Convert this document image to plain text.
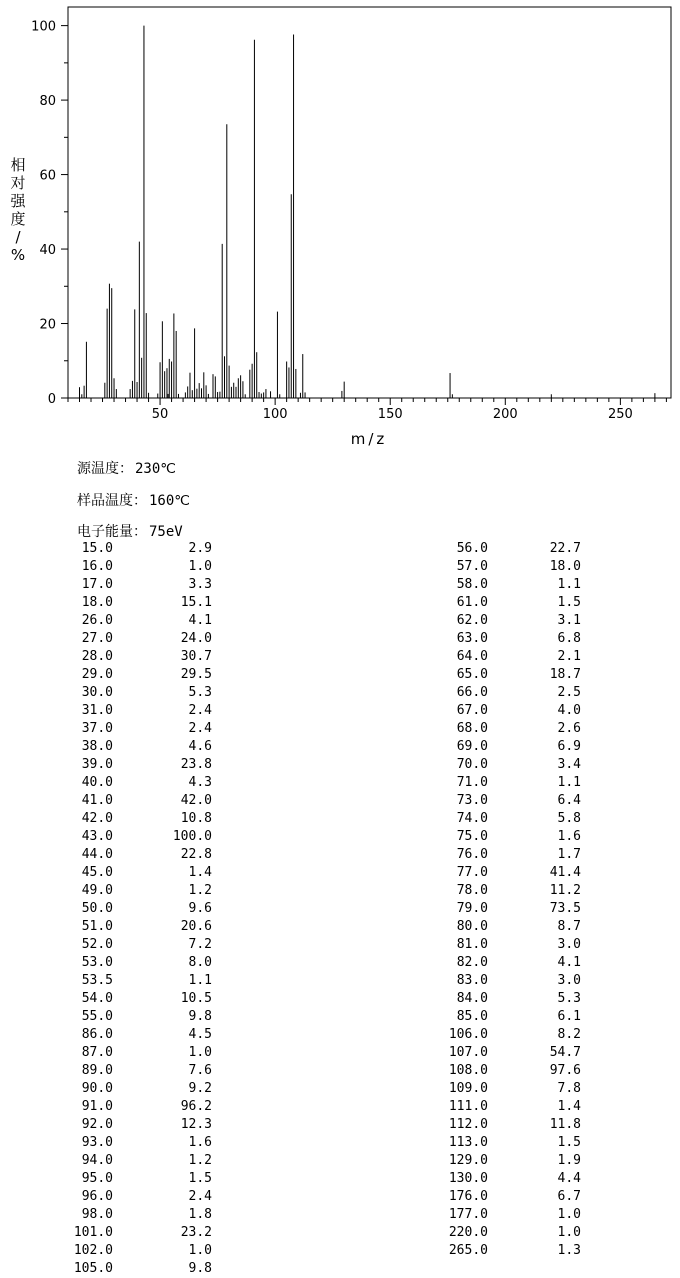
50	100	150	200	250
0
20
40
60
80
100
m/z
相对强度/ %
源温度： 230℃
样品温度： 160℃
电子能量： 75eV
15.0	2.9
16.0	1.0
17.0	3.3
18.0	15.1
26.0	4.1
27.0	24.0
28.0	30.7
29.0	29.5
30.0	5.3
31.0	2.4
37.0	2.4
38.0	4.6
39.0	23.8
40.0	4.3
41.0	42.0
42.0	10.8
43.0	100.0
44.0	22.8
45.0	1.4
49.0	1.2
50.0	9.6
51.0	20.6
52.0	7.2
53.0	8.0
53.5	1.1
54.0	10.5
55.0	9.8
86.0	4.5
87.0	1.0
89.0	7.6
90.0	9.2
91.0	96.2
92.0	12.3
93.0	1.6
94.0	1.2
95.0	1.5
96.0	2.4
98.0	1.8
101.0	23.2
102.0	1.0
105.0	9.8
56.0	22.7
57.0	18.0
58.0	1.1
61.0	1.5
62.0	3.1
63.0	6.8
64.0	2.1
65.0	18.7
66.0	2.5
67.0	4.0
68.0	2.6
69.0	6.9
70.0	3.4
71.0	1.1
73.0	6.4
74.0	5.8
75.0	1.6
76.0	1.7
77.0	41.4
78.0	11.2
79.0	73.5
80.0	8.7
81.0	3.0
82.0	4.1
83.0	3.0
84.0	5.3
85.0	6.1
106.0	8.2
107.0	54.7
108.0	97.6
109.0	7.8
111.0	1.4
112.0	11.8
113.0	1.5
129.0	1.9
130.0	4.4
176.0	6.7
177.0	1.0
220.0	1.0
265.0	1.3
